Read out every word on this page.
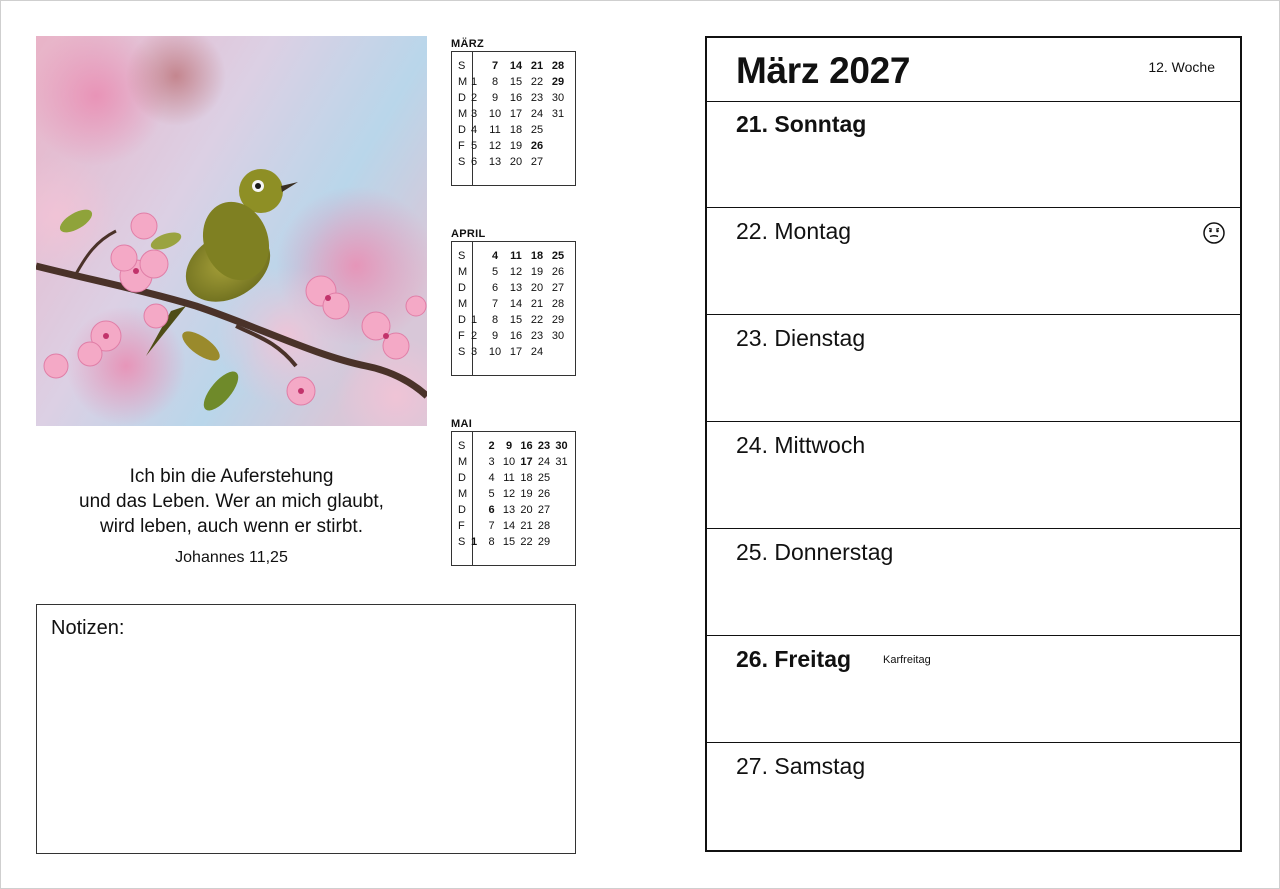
Ich bin die Auferstehung
und das Leben. Wer an mich glaubt,
wird leben, auch wenn er stirbt.
Johannes 11,25
MÄRZ
S	7	14 21 28
M 1	8	15 22 29
D 2	9	16 23 30
M 3	10 17 24 31
D 4	11 18 25
F 5	12 19 26
S 6	13 20 27
APRIL
S	4	11 18 25
M	5	12 19 26
D	6	13 20 27
M	7	14 21 28
D 1	8	15 22 29
F 2	9	16 23 30
S 3	10 17 24
MAI
S	2	9 16 23 30
M	3 10 17 24 31
D	4 11 18 25
M	5 12 19 26
D	6 13 20 27
F	7 14 21 28
S 1	8 15 22 29
Notizen:
März 2027	12. Woche
21. Sonntag
22. Montag
23. Dienstag
24. Mittwoch
25. Donnerstag
26. Freitag	Karfreitag
27. Samstag
